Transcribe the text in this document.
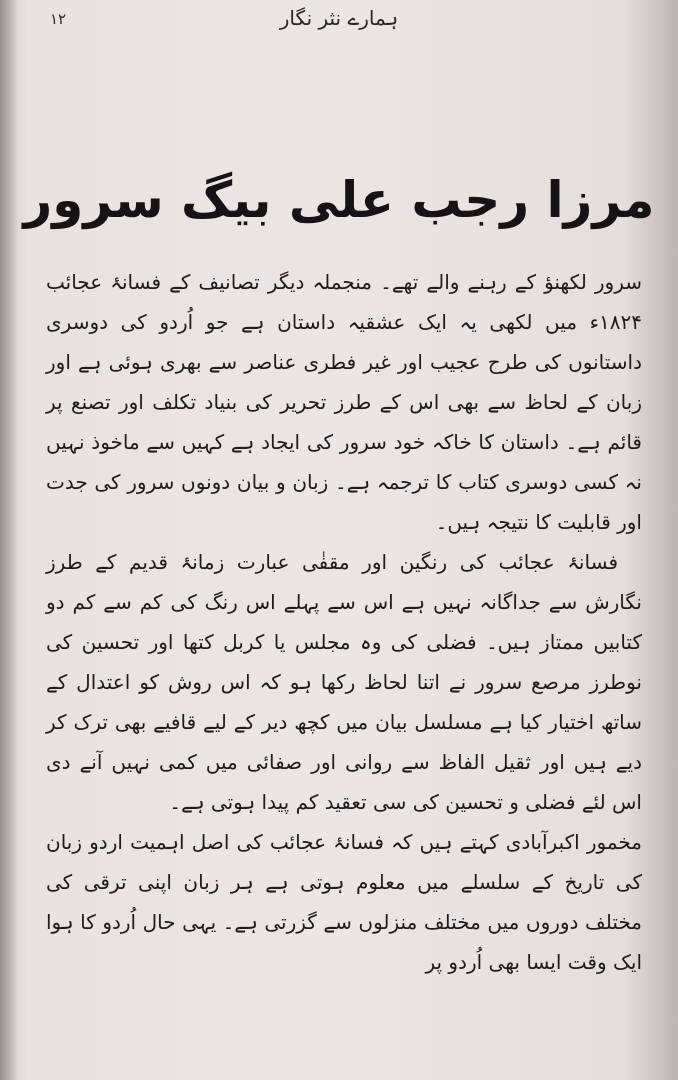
۱۲	ہمارے نثر نگار
مرزا رجب علی بیگ سرور

سرور لکھنؤ کے رہنے والے تھے۔ منجملہ دیگر تصانیف کے فسانۂ عجائب ۱۸۲۴ء میں لکھی یہ ایک عشقیہ داستان ہے جو اُردو کی دوسری داستانوں کی طرح عجیب اور غیر فطری عناصر سے بھری ہوئی ہے اور زبان کے لحاظ سے بھی اس کے طرز تحریر کی بنیاد تکلف اور تصنع پر قائم ہے۔ داستان کا خاکہ خود سرور کی ایجاد ہے کہیں سے ماخوذ نہیں نہ کسی دوسری کتاب کا ترجمہ ہے۔ زبان و بیان دونوں سرور کی جدت اور قابلیت کا نتیجہ ہیں۔

فسانۂ عجائب کی رنگین اور مقفٰی عبارت زمانۂ قدیم کے طرز نگارش سے جداگانہ نہیں ہے اس سے پہلے اس رنگ کی کم سے کم دو کتابیں ممتاز ہیں۔ فضلی کی وہ مجلس یا کربل کتھا اور تحسین کی نوطرز مرصع سرور نے اتنا لحاظ رکھا ہو کہ اس روش کو اعتدال کے ساتھ اختیار کیا ہے مسلسل بیان میں کچھ دیر کے لیے قافیے بھی ترک کر دیے ہیں اور ثقیل الفاظ سے روانی اور صفائی میں کمی نہیں آنے دی اس لئے فضلی و تحسین کی سی تعقید کم پیدا ہوتی ہے۔

مخمور اکبرآبادی کہتے ہیں کہ فسانۂ عجائب کی اصل اہمیت اردو زبان کی تاریخ کے سلسلے میں معلوم ہوتی ہے ہر زبان اپنی ترقی کی مختلف دوروں میں مختلف منزلوں سے گزرتی ہے۔ یہی حال اُردو کا ہوا ایک وقت ایسا بھی اُردو پر
